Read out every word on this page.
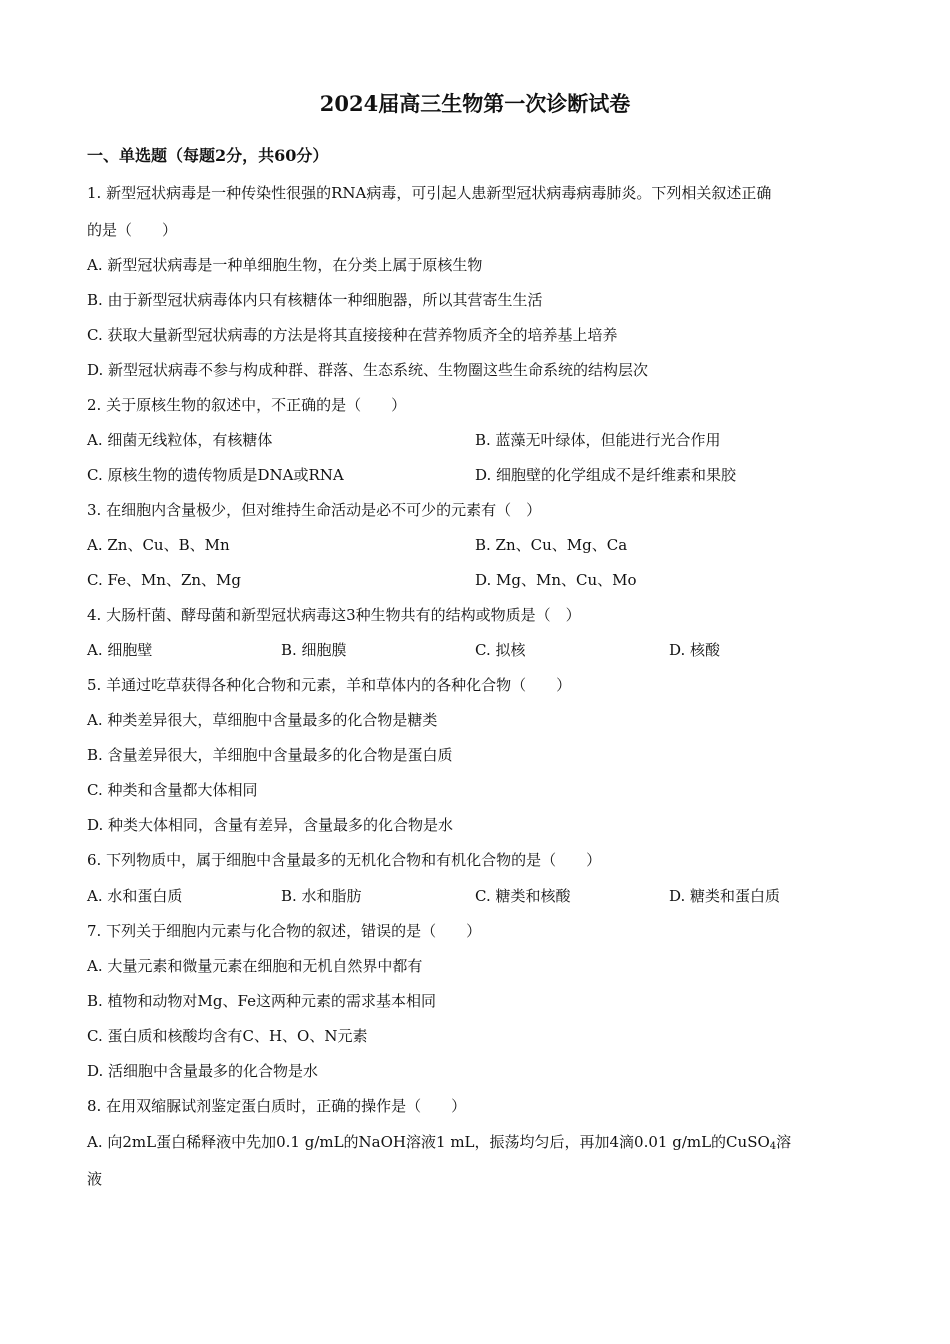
2024届高三生物第一次诊断试卷
一、单选题（每题2分，共60分）
1. 新型冠状病毒是一种传染性很强的RNA病毒，可引起人患新型冠状病毒病毒肺炎。下列相关叙述正确
的是（　　）
A. 新型冠状病毒是一种单细胞生物，在分类上属于原核生物
B. 由于新型冠状病毒体内只有核糖体一种细胞器，所以其营寄生生活
C. 获取大量新型冠状病毒的方法是将其直接接种在营养物质齐全的培养基上培养
D. 新型冠状病毒不参与构成种群、群落、生态系统、生物圈这些生命系统的结构层次
2. 关于原核生物的叙述中，不正确的是（　　）
A. 细菌无线粒体，有核糖体	B. 蓝藻无叶绿体，但能进行光合作用
C. 原核生物的遗传物质是DNA或RNA	D. 细胞壁的化学组成不是纤维素和果胶
3. 在细胞内含量极少，但对维持生命活动是必不可少的元素有（　）
A. Zn、Cu、B、Mn	B. Zn、Cu、Mg、Ca
C. Fe、Mn、Zn、Mg	D. Mg、Mn、Cu、Mo
4. 大肠杆菌、酵母菌和新型冠状病毒这3种生物共有的结构或物质是（　）
A. 细胞壁	B. 细胞膜	C. 拟核	D. 核酸
5. 羊通过吃草获得各种化合物和元素，羊和草体内的各种化合物（　　）
A. 种类差异很大，草细胞中含量最多的化合物是糖类
B. 含量差异很大，羊细胞中含量最多的化合物是蛋白质
C. 种类和含量都大体相同
D. 种类大体相同，含量有差异，含量最多的化合物是水
6. 下列物质中，属于细胞中含量最多的无机化合物和有机化合物的是（　　）
A. 水和蛋白质	B. 水和脂肪	C. 糖类和核酸	D. 糖类和蛋白质
7. 下列关于细胞内元素与化合物的叙述，错误的是（　　）
A. 大量元素和微量元素在细胞和无机自然界中都有
B. 植物和动物对Mg、Fe这两种元素的需求基本相同
C. 蛋白质和核酸均含有C、H、O、N元素
D. 活细胞中含量最多的化合物是水
8. 在用双缩脲试剂鉴定蛋白质时，正确的操作是（　　）
A. 向2mL蛋白稀释液中先加0.1 g/mL的NaOH溶液1 mL，振荡均匀后，再加4滴0.01 g/mL的CuSO$_4$溶
液
